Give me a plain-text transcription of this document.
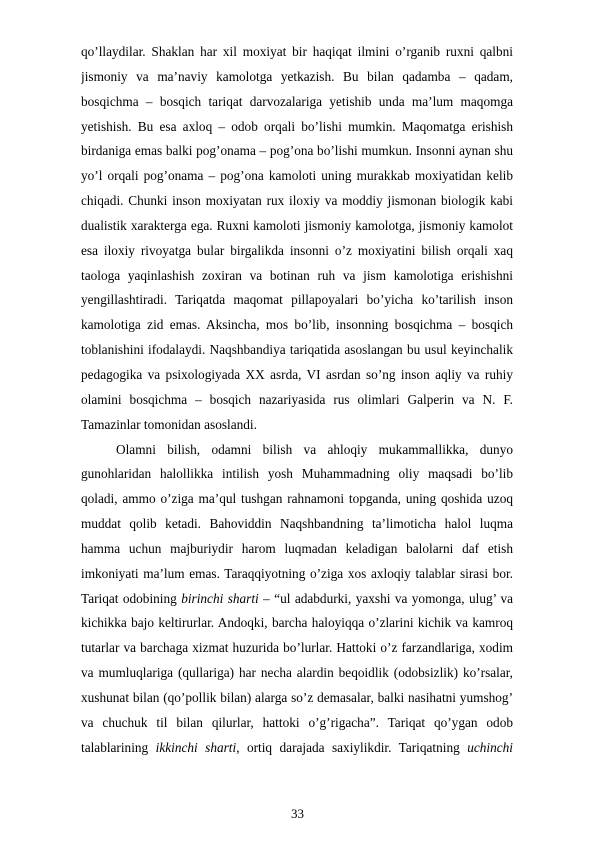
qo’llaydilar. Shaklan har xil moxiyat bir haqiqat ilmini o’rganib ruxni qalbni
jismoniy va ma’naviy kamolotga yetkazish. Bu bilan qadamba – qadam,
bosqichma – bosqich tariqat darvozalariga yetishib unda ma’lum maqomga
yetishish. Bu esa axloq – odob orqali bo’lishi mumkin. Maqomatga erishish
birdaniga emas balki pog’onama – pog’ona bo’lishi mumkun. Insonni aynan shu
yo’l orqali pog’onama – pog’ona kamoloti uning murakkab moxiyatidan kelib
chiqadi. Chunki inson moxiyatan rux iloxiy va moddiy jismonan biologik kabi
dualistik xarakterga ega. Ruxni kamoloti jismoniy kamolotga, jismoniy kamolot
esa iloxiy rivoyatga bular birgalikda insonni o’z moxiyatini bilish orqali xaq
taologa yaqinlashish zoxiran va botinan ruh va jism kamolotiga erishishni
yengillashtiradi. Tariqatda maqomat pillapoyalari bo’yicha ko’tarilish inson
kamolotiga zid emas. Aksincha, mos bo’lib, insonning bosqichma – bosqich
toblanishini ifodalaydi. Naqshbandiya tariqatida asoslangan bu usul keyinchalik
pedagogika va psixologiyada XX asrda, VI asrdan so’ng inson aqliy va ruhiy
olamini bosqichma – bosqich nazariyasida rus olimlari Galperin va N. F.
Tamazinlar tomonidan asoslandi.
Olamni bilish, odamni bilish va ahloqiy mukammallikka, dunyo
gunohlaridan halollikka intilish yosh Muhammadning oliy maqsadi bo’lib
qoladi, ammo o’ziga ma’qul tushgan rahnamoni topganda, uning qoshida uzoq
muddat qolib ketadi. Bahoviddin Naqshbandning ta’limoticha halol luqma
hamma uchun majburiydir harom luqmadan keladigan balolarni daf etish
imkoniyati ma’lum emas. Taraqqiyotning o’ziga xos axloqiy talablar sirasi bor.
Tariqat odobining birinchi sharti – “ul adabdurki, yaxshi va yomonga, ulug’ va
kichikka bajo keltirurlar. Andoqki, barcha haloyiqqa o’zlarini kichik va kamroq
tutarlar va barchaga xizmat huzurida bo’lurlar. Hattoki o’z farzandlariga, xodim
va mumluqlariga (qullariga) har necha alardin beqoidlik (odobsizlik) ko’rsalar,
xushunat bilan (qo’pollik bilan) alarga so’z demasalar, balki nasihatni yumshog’
va chuchuk til bilan qilurlar, hattoki o’g’rigacha”. Tariqat qo’ygan odob
talablarining ikkinchi sharti, ortiq darajada saxiylikdir. Tariqatning uchinchi
33
